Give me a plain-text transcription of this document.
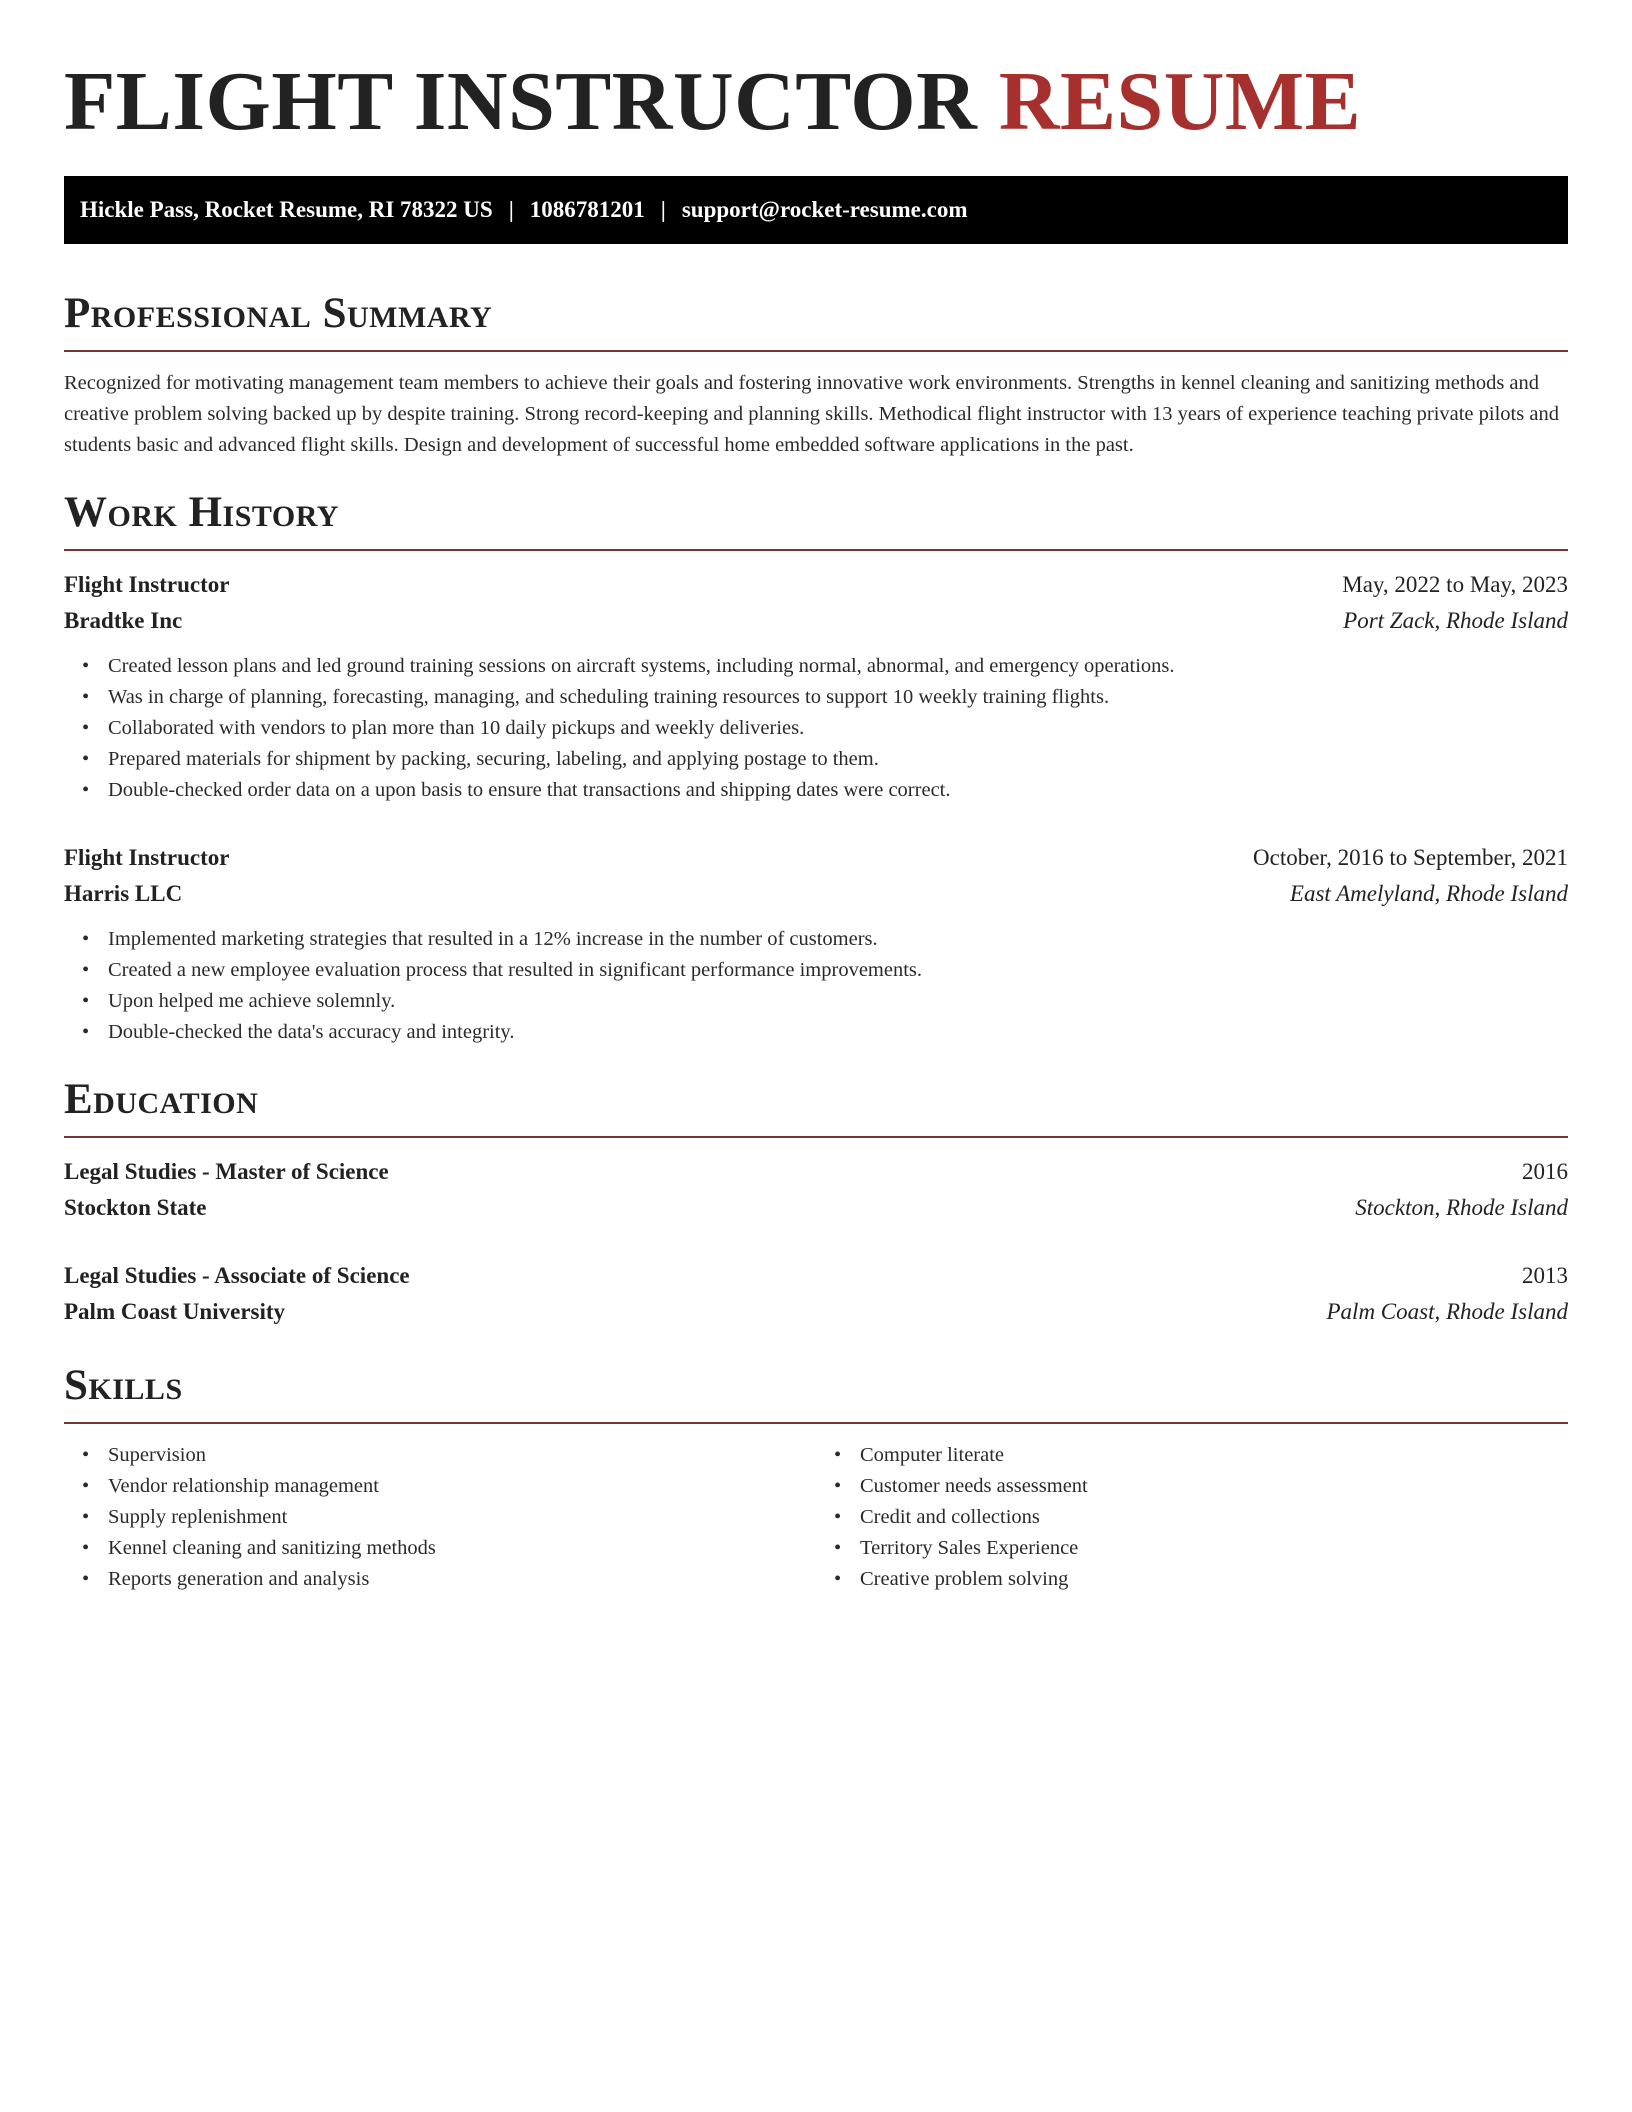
FLIGHT INSTRUCTOR RESUME
Hickle Pass, Rocket Resume, RI 78322 US | 1086781201 | support@rocket-resume.com
Professional Summary

Recognized for motivating management team members to achieve their goals and fostering innovative work environments. Strengths in kennel cleaning and sanitizing methods and creative problem solving backed up by despite training. Strong record-keeping and planning skills. Methodical flight instructor with 13 years of experience teaching private pilots and students basic and advanced flight skills. Design and development of successful home embedded software applications in the past.

Work History
Flight Instructor	May, 2022 to May, 2023
Bradtke Inc	Port Zack, Rhode Island
• Created lesson plans and led ground training sessions on aircraft systems, including normal, abnormal, and emergency operations.
• Was in charge of planning, forecasting, managing, and scheduling training resources to support 10 weekly training flights.
• Collaborated with vendors to plan more than 10 daily pickups and weekly deliveries.
• Prepared materials for shipment by packing, securing, labeling, and applying postage to them.
• Double-checked order data on a upon basis to ensure that transactions and shipping dates were correct.
Flight Instructor	October, 2016 to September, 2021
Harris LLC	East Amelyland, Rhode Island
• Implemented marketing strategies that resulted in a 12% increase in the number of customers.
• Created a new employee evaluation process that resulted in significant performance improvements.
• Upon helped me achieve solemnly.
• Double-checked the data's accuracy and integrity.
Education
Legal Studies - Master of Science	2016
Stockton State	Stockton, Rhode Island
Legal Studies - Associate of Science	2013
Palm Coast University	Palm Coast, Rhode Island
Skills
• Supervision
• Vendor relationship management
• Supply replenishment
• Kennel cleaning and sanitizing methods
• Reports generation and analysis
• Computer literate
• Customer needs assessment
• Credit and collections
• Territory Sales Experience
• Creative problem solving
